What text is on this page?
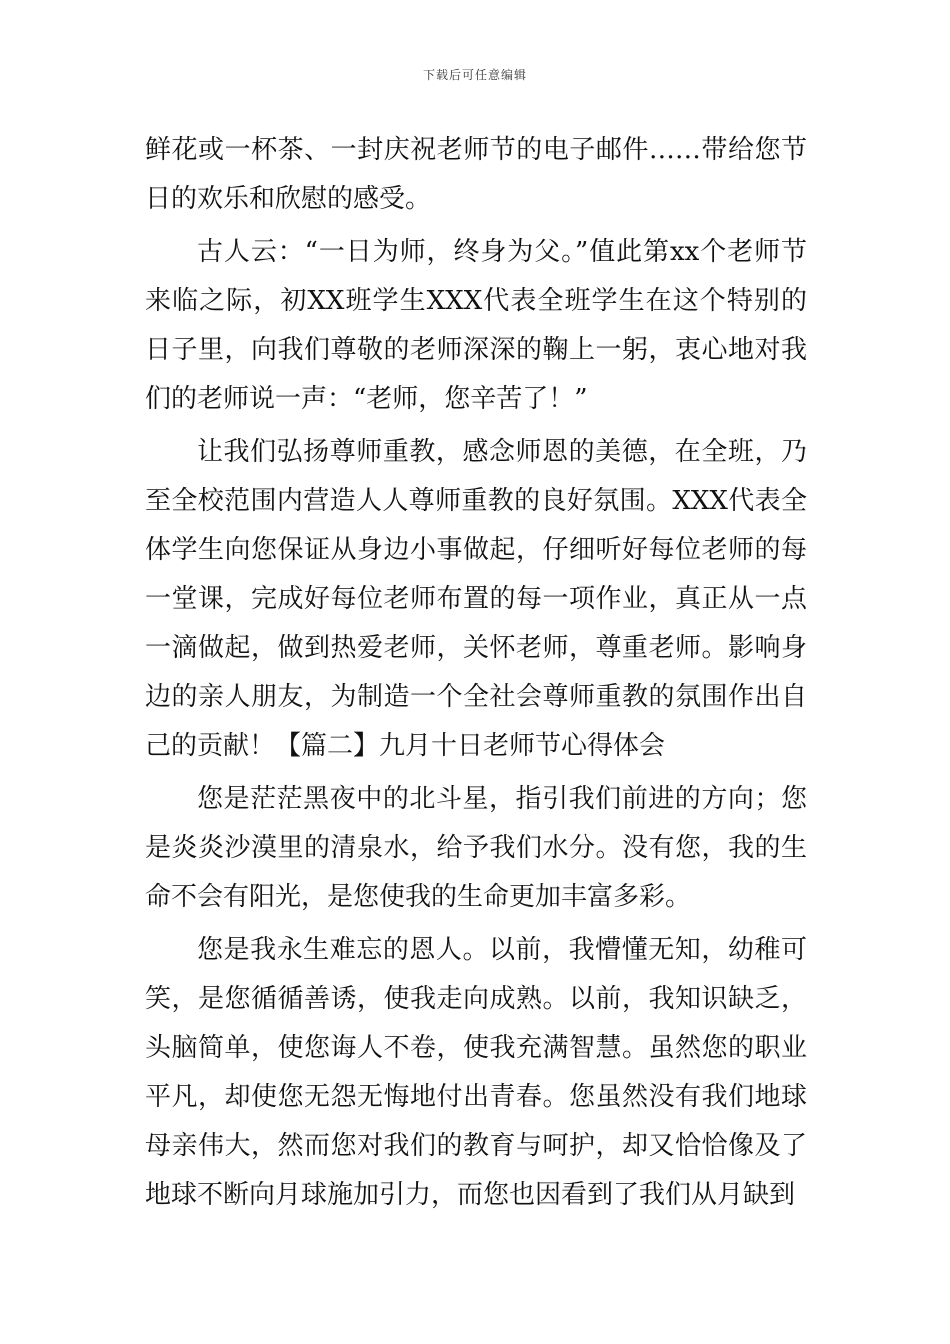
下载后可任意编辑

鲜花或一杯茶、一封庆祝老师节的电子邮件……带给您节日的欢乐和欣慰的感受。

古人云：“一日为师，终身为父。”值此第xx个老师节来临之际，初XX班学生XXX代表全班学生在这个特别的日子里，向我们尊敬的老师深深的鞠上一躬，衷心地对我们的老师说一声：“老师，您辛苦了！”

让我们弘扬尊师重教，感念师恩的美德，在全班，乃至全校范围内营造人人尊师重教的良好氛围。XXX代表全体学生向您保证从身边小事做起，仔细听好每位老师的每一堂课，完成好每位老师布置的每一项作业，真正从一点一滴做起，做到热爱老师，关怀老师，尊重老师。影响身边的亲人朋友，为制造一个全社会尊师重教的氛围作出自己的贡献！【篇二】九月十日老师节心得体会

您是茫茫黑夜中的北斗星，指引我们前进的方向；您是炎炎沙漠里的清泉水，给予我们水分。没有您，我的生命不会有阳光，是您使我的生命更加丰富多彩。

您是我永生难忘的恩人。以前，我懵懂无知，幼稚可笑，是您循循善诱，使我走向成熟。以前，我知识缺乏，头脑简单，使您诲人不卷，使我充满智慧。虽然您的职业平凡，却使您无怨无悔地付出青春。您虽然没有我们地球母亲伟大，然而您对我们的教育与呵护，却又恰恰像及了地球不断向月球施加引力，而您也因看到了我们从月缺到
